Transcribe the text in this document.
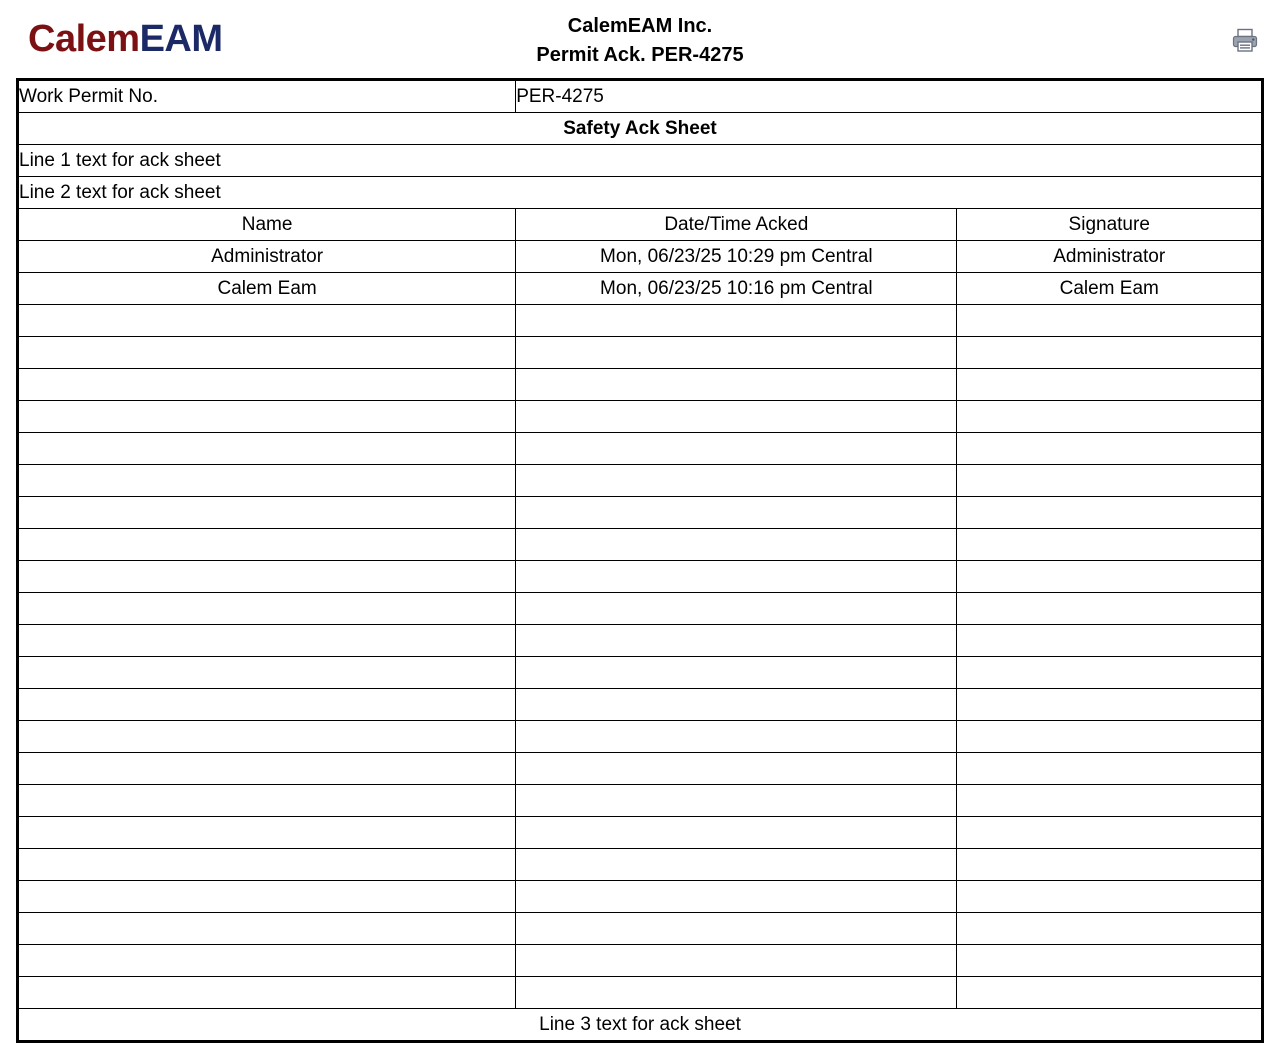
CalemEAM	CalemEAM Inc.
Permit Ack. PER-4275
Work Permit No.	PER-4275	
Safety Ack Sheet		
Line 1 text for ack sheet		
Line 2 text for ack sheet		
Name	Date/Time Acked	Signature
Administrator	Mon, 06/23/25 10:29 pm Central	Administrator
Calem Eam	Mon, 06/23/25 10:16 pm Central	Calem Eam

Line 3 text for ack sheet		
